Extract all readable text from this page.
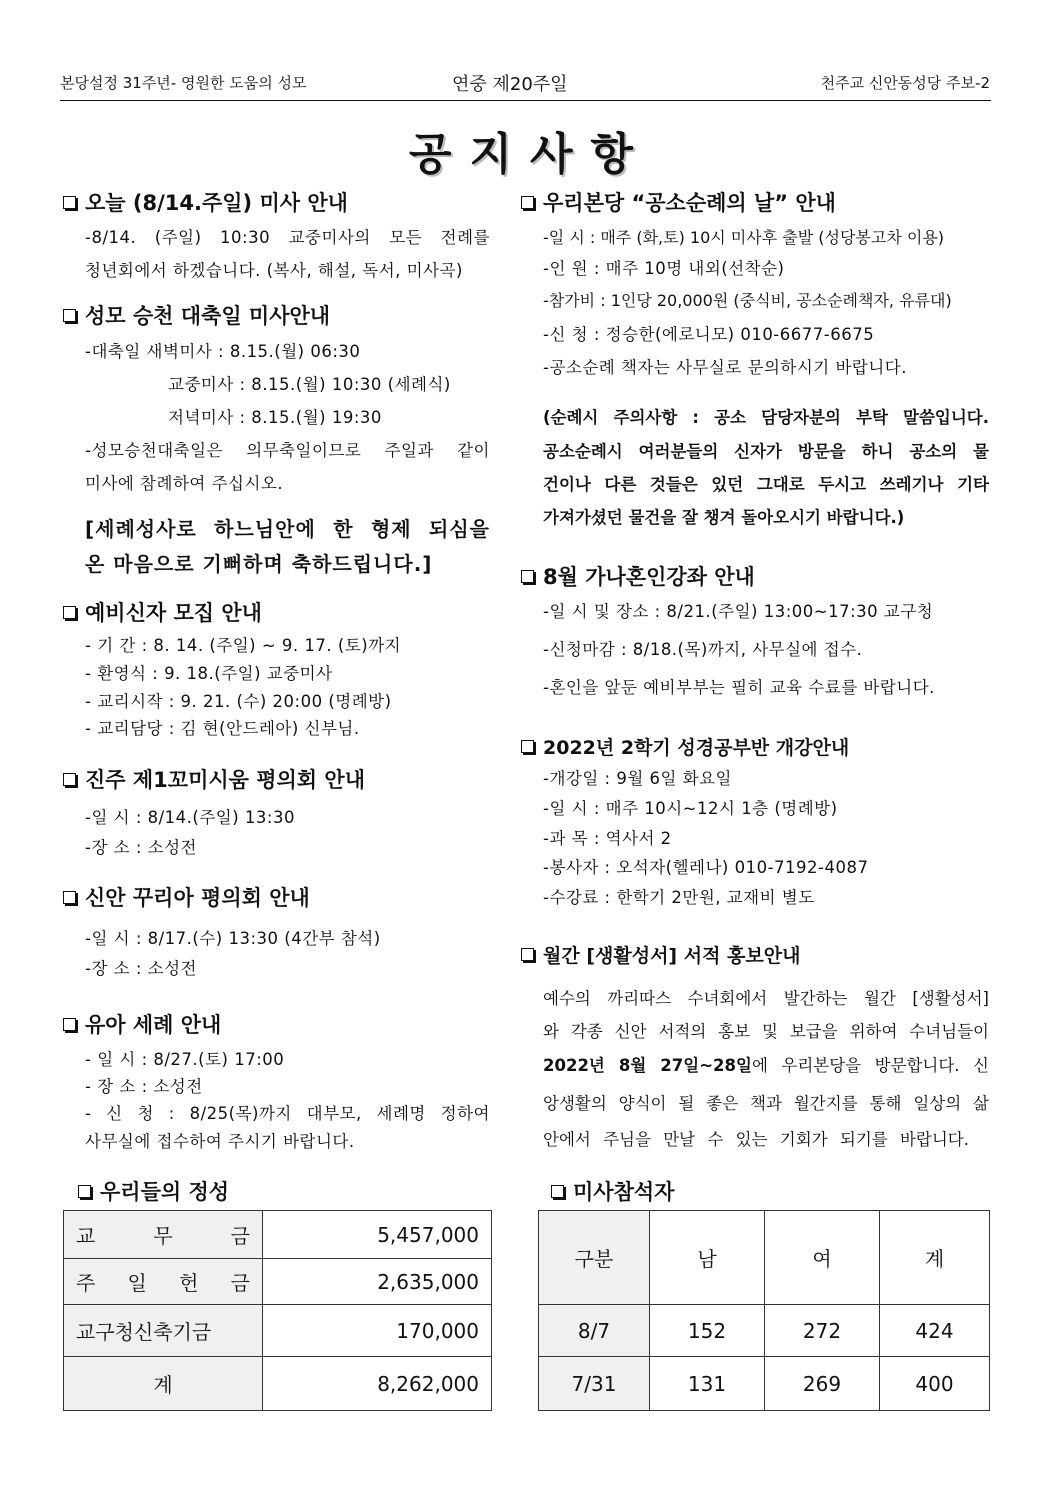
본당설정 31주년- 영원한 도움의 성모	연중 제20주일	천주교 신안동성당 주보-2
공지사항
오늘 (8/14.주일) 미사 안내
-8/14. (주일) 10:30 교중미사의 모든 전례를
청년회에서 하겠습니다. (복사, 해설, 독서, 미사곡)
성모 승천 대축일 미사안내
-대축일 새벽미사 : 8.15.(월) 06:30
교중미사 : 8.15.(월) 10:30 (세례식)
저녁미사 : 8.15.(월) 19:30
-성모승천대축일은 의무축일이므로 주일과 같이
미사에 참례하여 주십시오.
[세례성사로 하느님안에 한 형제 되심을
온 마음으로 기뻐하며 축하드립니다.]
예비신자 모집 안내
- 기 간 : 8. 14. (주일) ~ 9. 17. (토)까지
- 환영식 : 9. 18.(주일) 교중미사
- 교리시작 : 9. 21. (수) 20:00 (명례방)
- 교리담당 : 김 현(안드레아) 신부님.
진주 제1꼬미시움 평의회 안내
-일 시 : 8/14.(주일) 13:30
-장 소 : 소성전
신안 꾸리아 평의회 안내
-일 시 : 8/17.(수) 13:30 (4간부 참석)
-장 소 : 소성전
유아 세례 안내
- 일 시 : 8/27.(토) 17:00
- 장 소 : 소성전
- 신 청 : 8/25(목)까지 대부모, 세례명 정하여
사무실에 접수하여 주시기 바랍니다.
우리본당 “공소순례의 날” 안내
-일 시 : 매주 (화,토) 10시 미사후 출발 (성당봉고차 이용)
-인 원 : 매주 10명 내외(선착순)
-참가비 : 1인당 20,000원 (중식비, 공소순례책자, 유류대)
-신 청 : 정승한(에로니모) 010-6677-6675
-공소순례 책자는 사무실로 문의하시기 바랍니다.
(순례시 주의사항 : 공소 담당자분의 부탁 말씀입니다.
공소순례시 여러분들의 신자가 방문을 하니 공소의 물
건이나 다른 것들은 있던 그대로 두시고 쓰레기나 기타
가져가셨던 물건을 잘 챙겨 돌아오시기 바랍니다.)
8월 가나혼인강좌 안내
-일 시 및 장소 : 8/21.(주일) 13:00~17:30 교구청
-신청마감 : 8/18.(목)까지, 사무실에 접수.
-혼인을 앞둔 예비부부는 필히 교육 수료를 바랍니다.
2022년 2학기 성경공부반 개강안내
-개강일 : 9월 6일 화요일
-일 시 : 매주 10시~12시 1층 (명례방)
-과 목 : 역사서 2
-봉사자 : 오석자(헬레나) 010-7192-4087
-수강료 : 한학기 2만원, 교재비 별도
월간 [생활성서] 서적 홍보안내
예수의 까리따스 수녀회에서 발간하는 월간 [생활성서]
와 각종 신안 서적의 홍보 및 보급을 위하여 수녀님들이
2022년 8월 27일~28일에 우리본당을 방문합니다. 신
앙생활의 양식이 될 좋은 책과 월간지를 통해 일상의 삶
안에서 주님을 만날 수 있는 기회가 되기를 바랍니다.
우리들의 정성
교 무 금	5,457,000
주 일 헌 금	2,635,000
교구청신축기금	170,000
계	8,262,000
미사참석자
구분	남	여	계
8/7	152	272	424
7/31	131	269	400
